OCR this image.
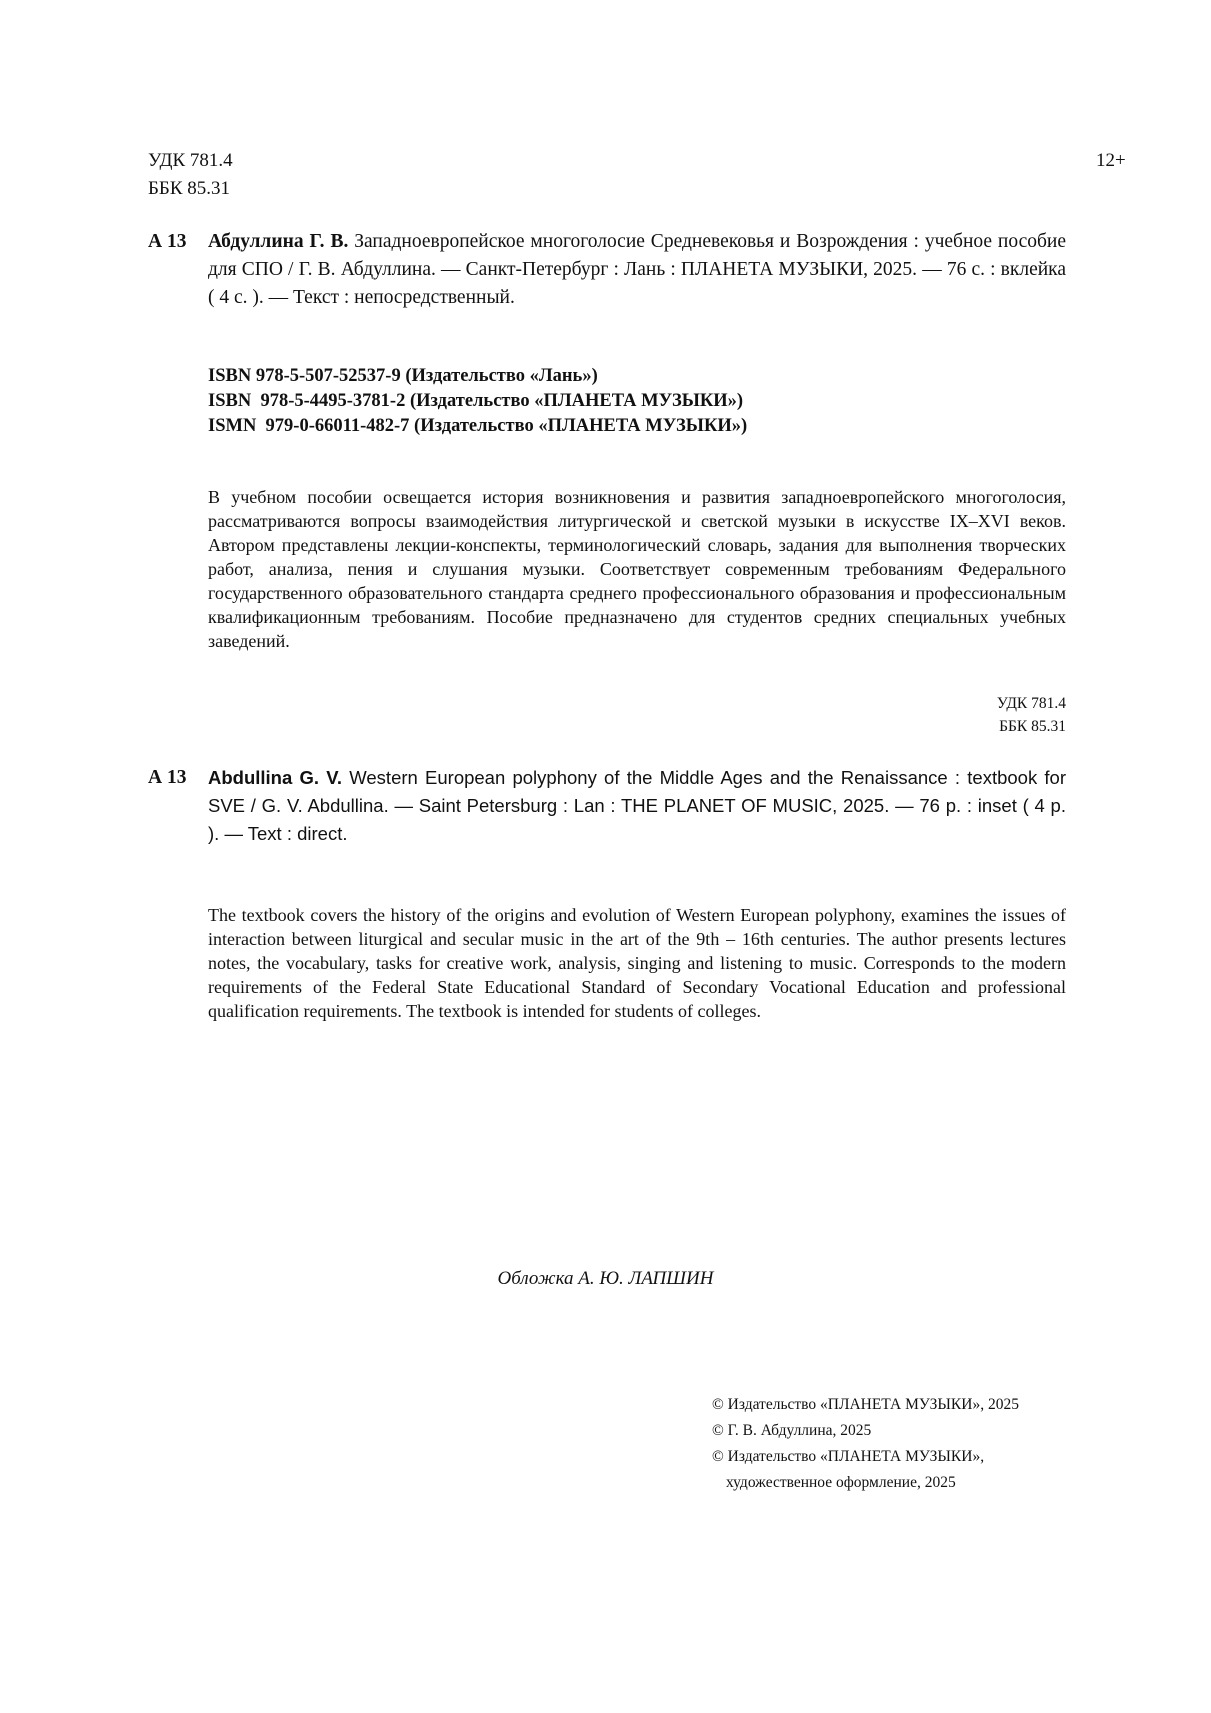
УДК 781.4
ББК 85.31
12+
А 13 Абдуллина Г. В. Западноевропейское многоголосие Средневековья и Возрождения : учебное пособие для СПО / Г. В. Абдуллина. — Санкт-Петербург : Лань : ПЛАНЕТА МУЗЫКИ, 2025. — 76 с. : вклейка ( 4 с. ). — Текст : непосредственный.
ISBN 978-5-507-52537-9 (Издательство «Лань»)
ISBN  978-5-4495-3781-2 (Издательство «ПЛАНЕТА МУЗЫКИ»)
ISMN  979-0-66011-482-7 (Издательство «ПЛАНЕТА МУЗЫКИ»)
В учебном пособии освещается история возникновения и развития западноевропейского многоголосия, рассматриваются вопросы взаимодействия литургической и светской музыки в искусстве IX–XVI веков. Автором представлены лекции-конспекты, терминологический словарь, задания для выполнения творческих работ, анализа, пения и слушания музыки. Соответствует современным требованиям Федерального государственного образовательного стандарта среднего профессионального образования и профессиональным квалификационным требованиям. Пособие предназначено для студентов средних специальных учебных заведений.
УДК 781.4
ББК 85.31
А 13 Abdullina G. V. Western European polyphony of the Middle Ages and the Renaissance : textbook for SVE / G. V. Abdullina. — Saint Petersburg : Lan : THE PLANET OF MUSIC, 2025. — 76 p. : inset ( 4 p. ). — Text : direct.
The textbook covers the history of the origins and evolution of Western European polyphony, examines the issues of interaction between liturgical and secular music in the art of the 9th – 16th centuries. The author presents lectures notes, the vocabulary, tasks for creative work, analysis, singing and listening to music. Corresponds to the modern requirements of the Federal State Educational Standard of Secondary Vocational Education and professional qualification requirements. The textbook is intended for students of colleges.
Обложка А. Ю. ЛАПШИН
© Издательство «ПЛАНЕТА МУЗЫКИ», 2025
© Г. В. Абдуллина, 2025
© Издательство «ПЛАНЕТА МУЗЫКИ»,
художественное оформление, 2025
